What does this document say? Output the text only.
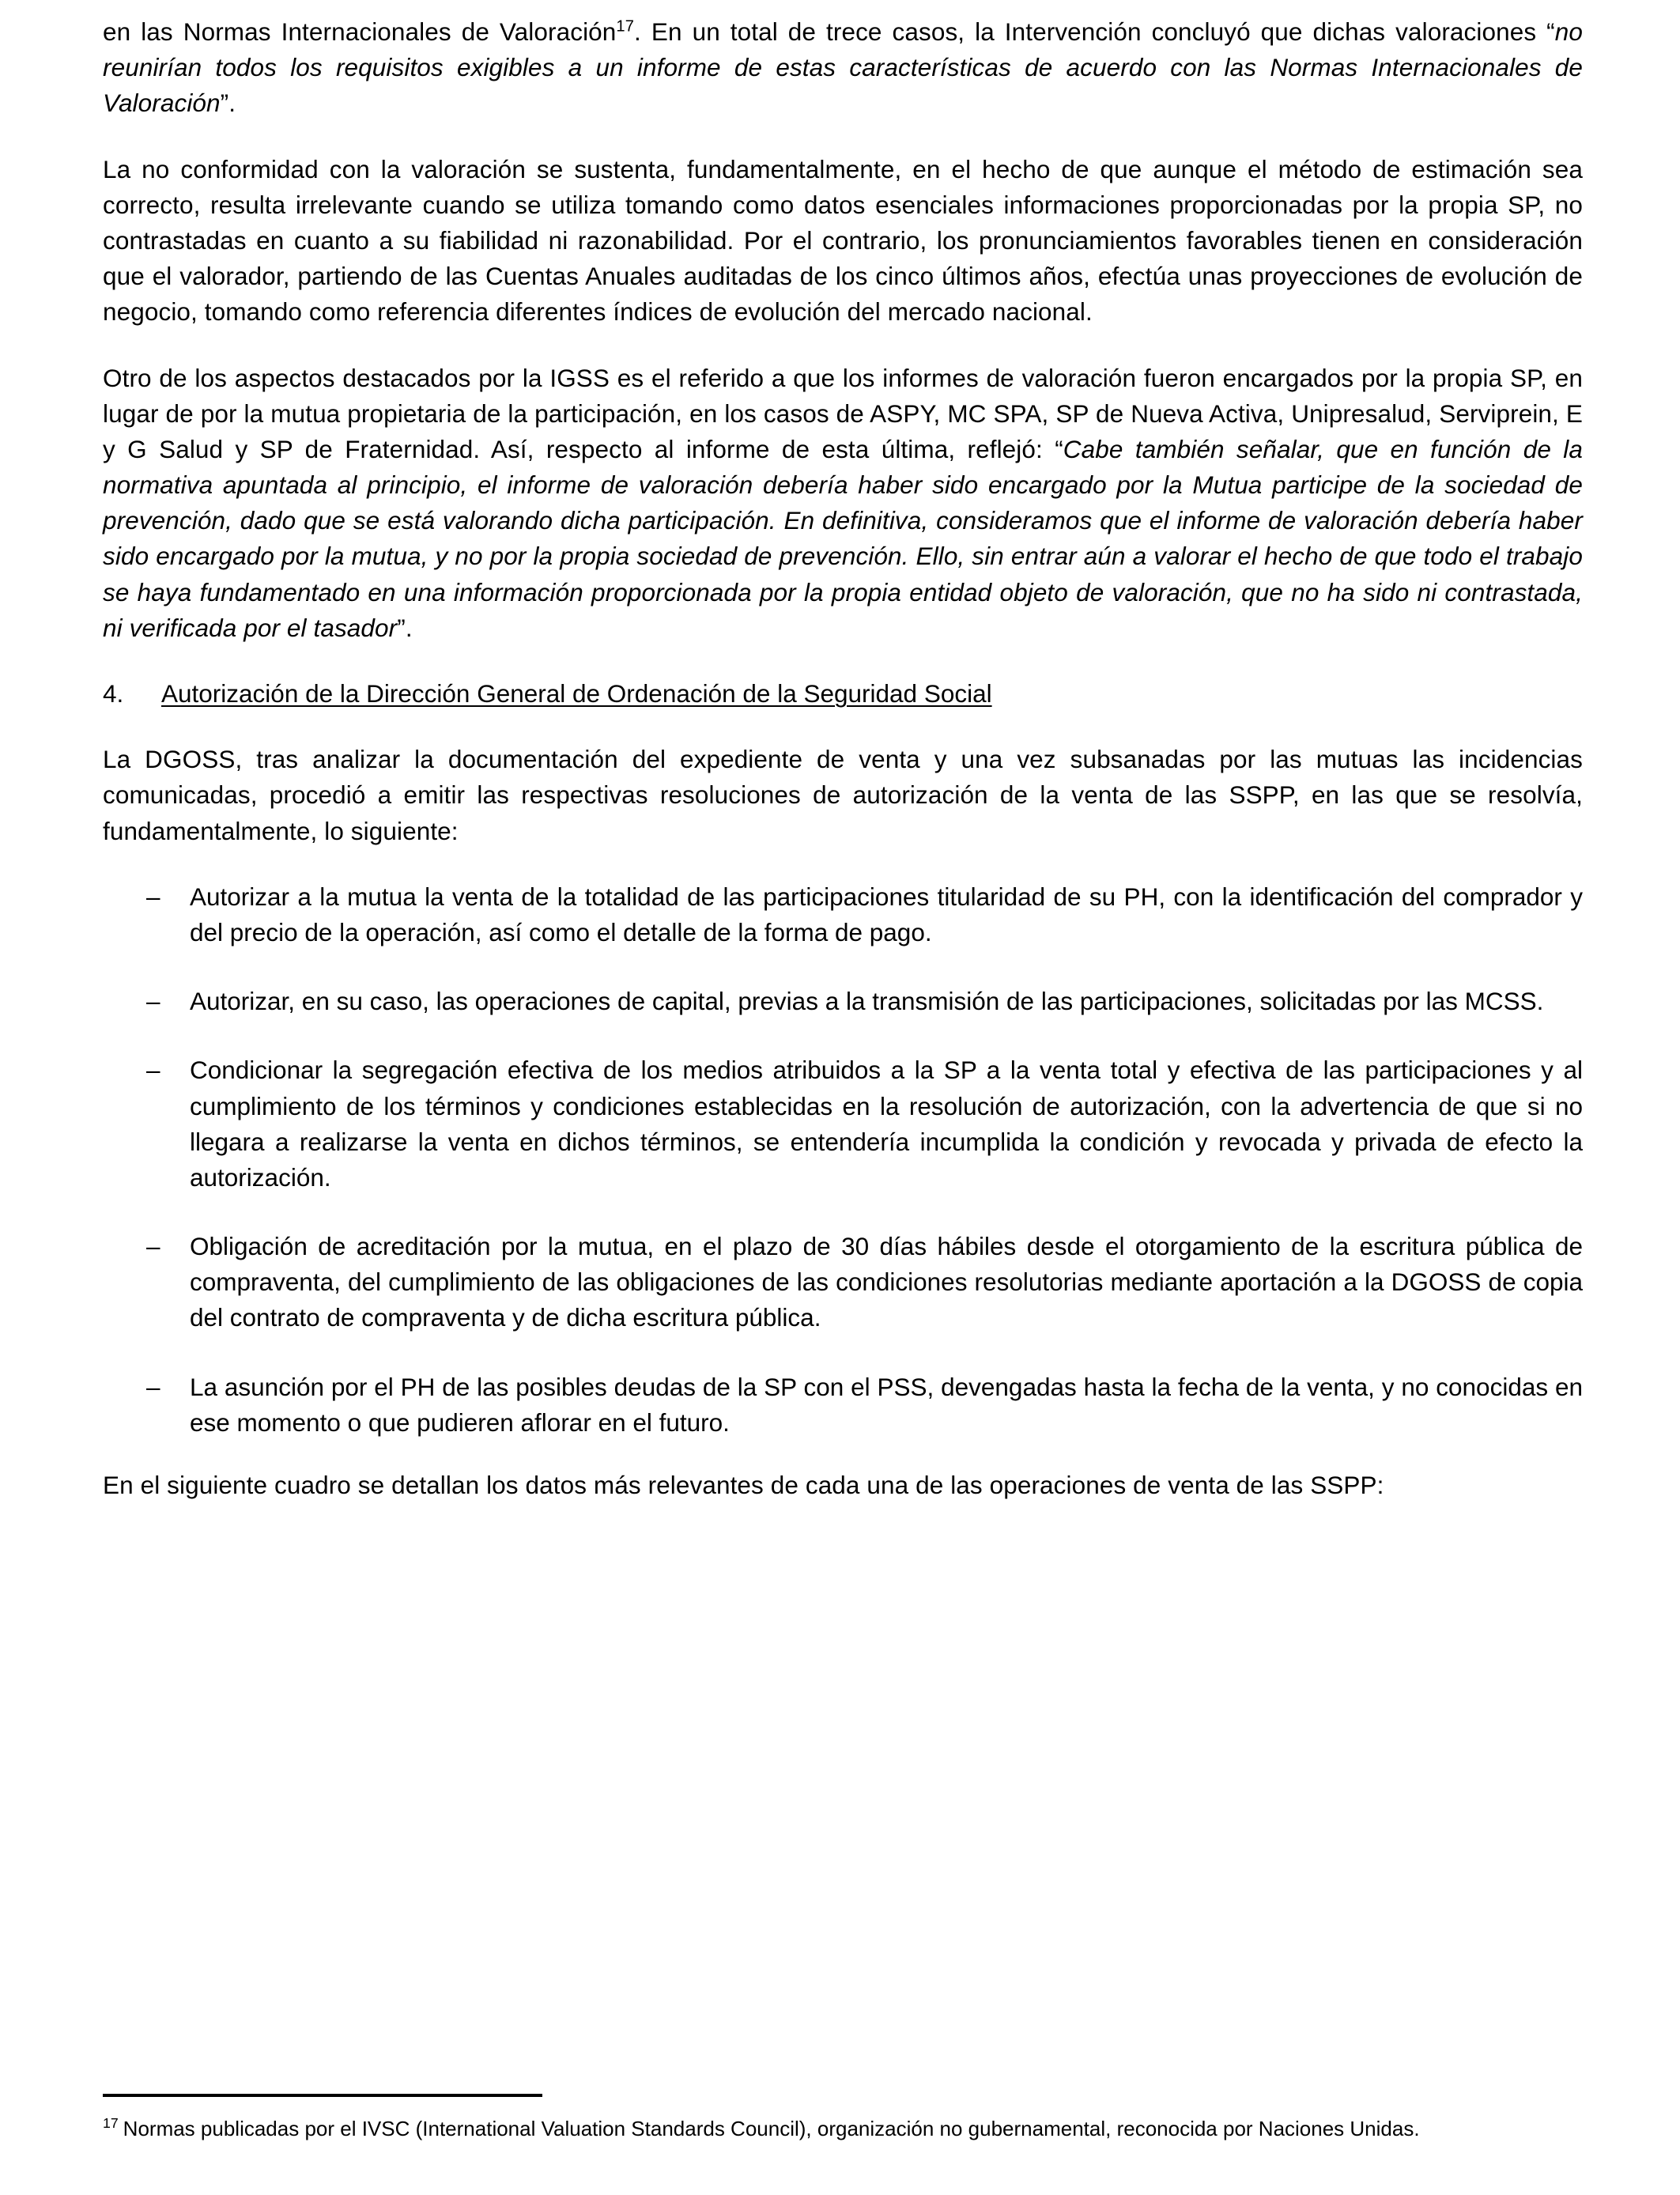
en las Normas Internacionales de Valoración$^{17}$. En un total de trece casos, la Intervención concluyó que dichas valoraciones “no reunirían todos los requisitos exigibles a un informe de estas características de acuerdo con las Normas Internacionales de Valoración”.

La no conformidad con la valoración se sustenta, fundamentalmente, en el hecho de que aunque el método de estimación sea correcto, resulta irrelevante cuando se utiliza tomando como datos esenciales informaciones proporcionadas por la propia SP, no contrastadas en cuanto a su fiabilidad ni razonabilidad. Por el contrario, los pronunciamientos favorables tienen en consideración que el valorador, partiendo de las Cuentas Anuales auditadas de los cinco últimos años, efectúa unas proyecciones de evolución de negocio, tomando como referencia diferentes índices de evolución del mercado nacional.

Otro de los aspectos destacados por la IGSS es el referido a que los informes de valoración fueron encargados por la propia SP, en lugar de por la mutua propietaria de la participación, en los casos de ASPY, MC SPA, SP de Nueva Activa, Unipresalud, Serviprein, E y G Salud y SP de Fraternidad. Así, respecto al informe de esta última, reflejó: “Cabe también señalar, que en función de la normativa apuntada al principio, el informe de valoración debería haber sido encargado por la Mutua participe de la sociedad de prevención, dado que se está valorando dicha participación. En definitiva, consideramos que el informe de valoración debería haber sido encargado por la mutua, y no por la propia sociedad de prevención. Ello, sin entrar aún a valorar el hecho de que todo el trabajo se haya fundamentado en una información proporcionada por la propia entidad objeto de valoración, que no ha sido ni contrastada, ni verificada por el tasador”.

4.	Autorización de la Dirección General de Ordenación de la Seguridad Social

La DGOSS, tras analizar la documentación del expediente de venta y una vez subsanadas por las mutuas las incidencias comunicadas, procedió a emitir las respectivas resoluciones de autorización de la venta de las SSPP, en las que se resolvía, fundamentalmente, lo siguiente:

–	Autorizar a la mutua la venta de la totalidad de las participaciones titularidad de su PH, con la identificación del comprador y del precio de la operación, así como el detalle de la forma de pago.
–	Autorizar, en su caso, las operaciones de capital, previas a la transmisión de las participaciones, solicitadas por las MCSS.
–	Condicionar la segregación efectiva de los medios atribuidos a la SP a la venta total y efectiva de las participaciones y al cumplimiento de los términos y condiciones establecidas en la resolución de autorización, con la advertencia de que si no llegara a realizarse la venta en dichos términos, se entendería incumplida la condición y revocada y privada de efecto la autorización.
–	Obligación de acreditación por la mutua, en el plazo de 30 días hábiles desde el otorgamiento de la escritura pública de compraventa, del cumplimiento de las obligaciones de las condiciones resolutorias mediante aportación a la DGOSS de copia del contrato de compraventa y de dicha escritura pública.
–	La asunción por el PH de las posibles deudas de la SP con el PSS, devengadas hasta la fecha de la venta, y no conocidas en ese momento o que pudieren aflorar en el futuro.

En el siguiente cuadro se detallan los datos más relevantes de cada una de las operaciones de venta de las SSPP:

$^{17}$ Normas publicadas por el IVSC (International Valuation Standards Council), organización no gubernamental, reconocida por Naciones Unidas.
